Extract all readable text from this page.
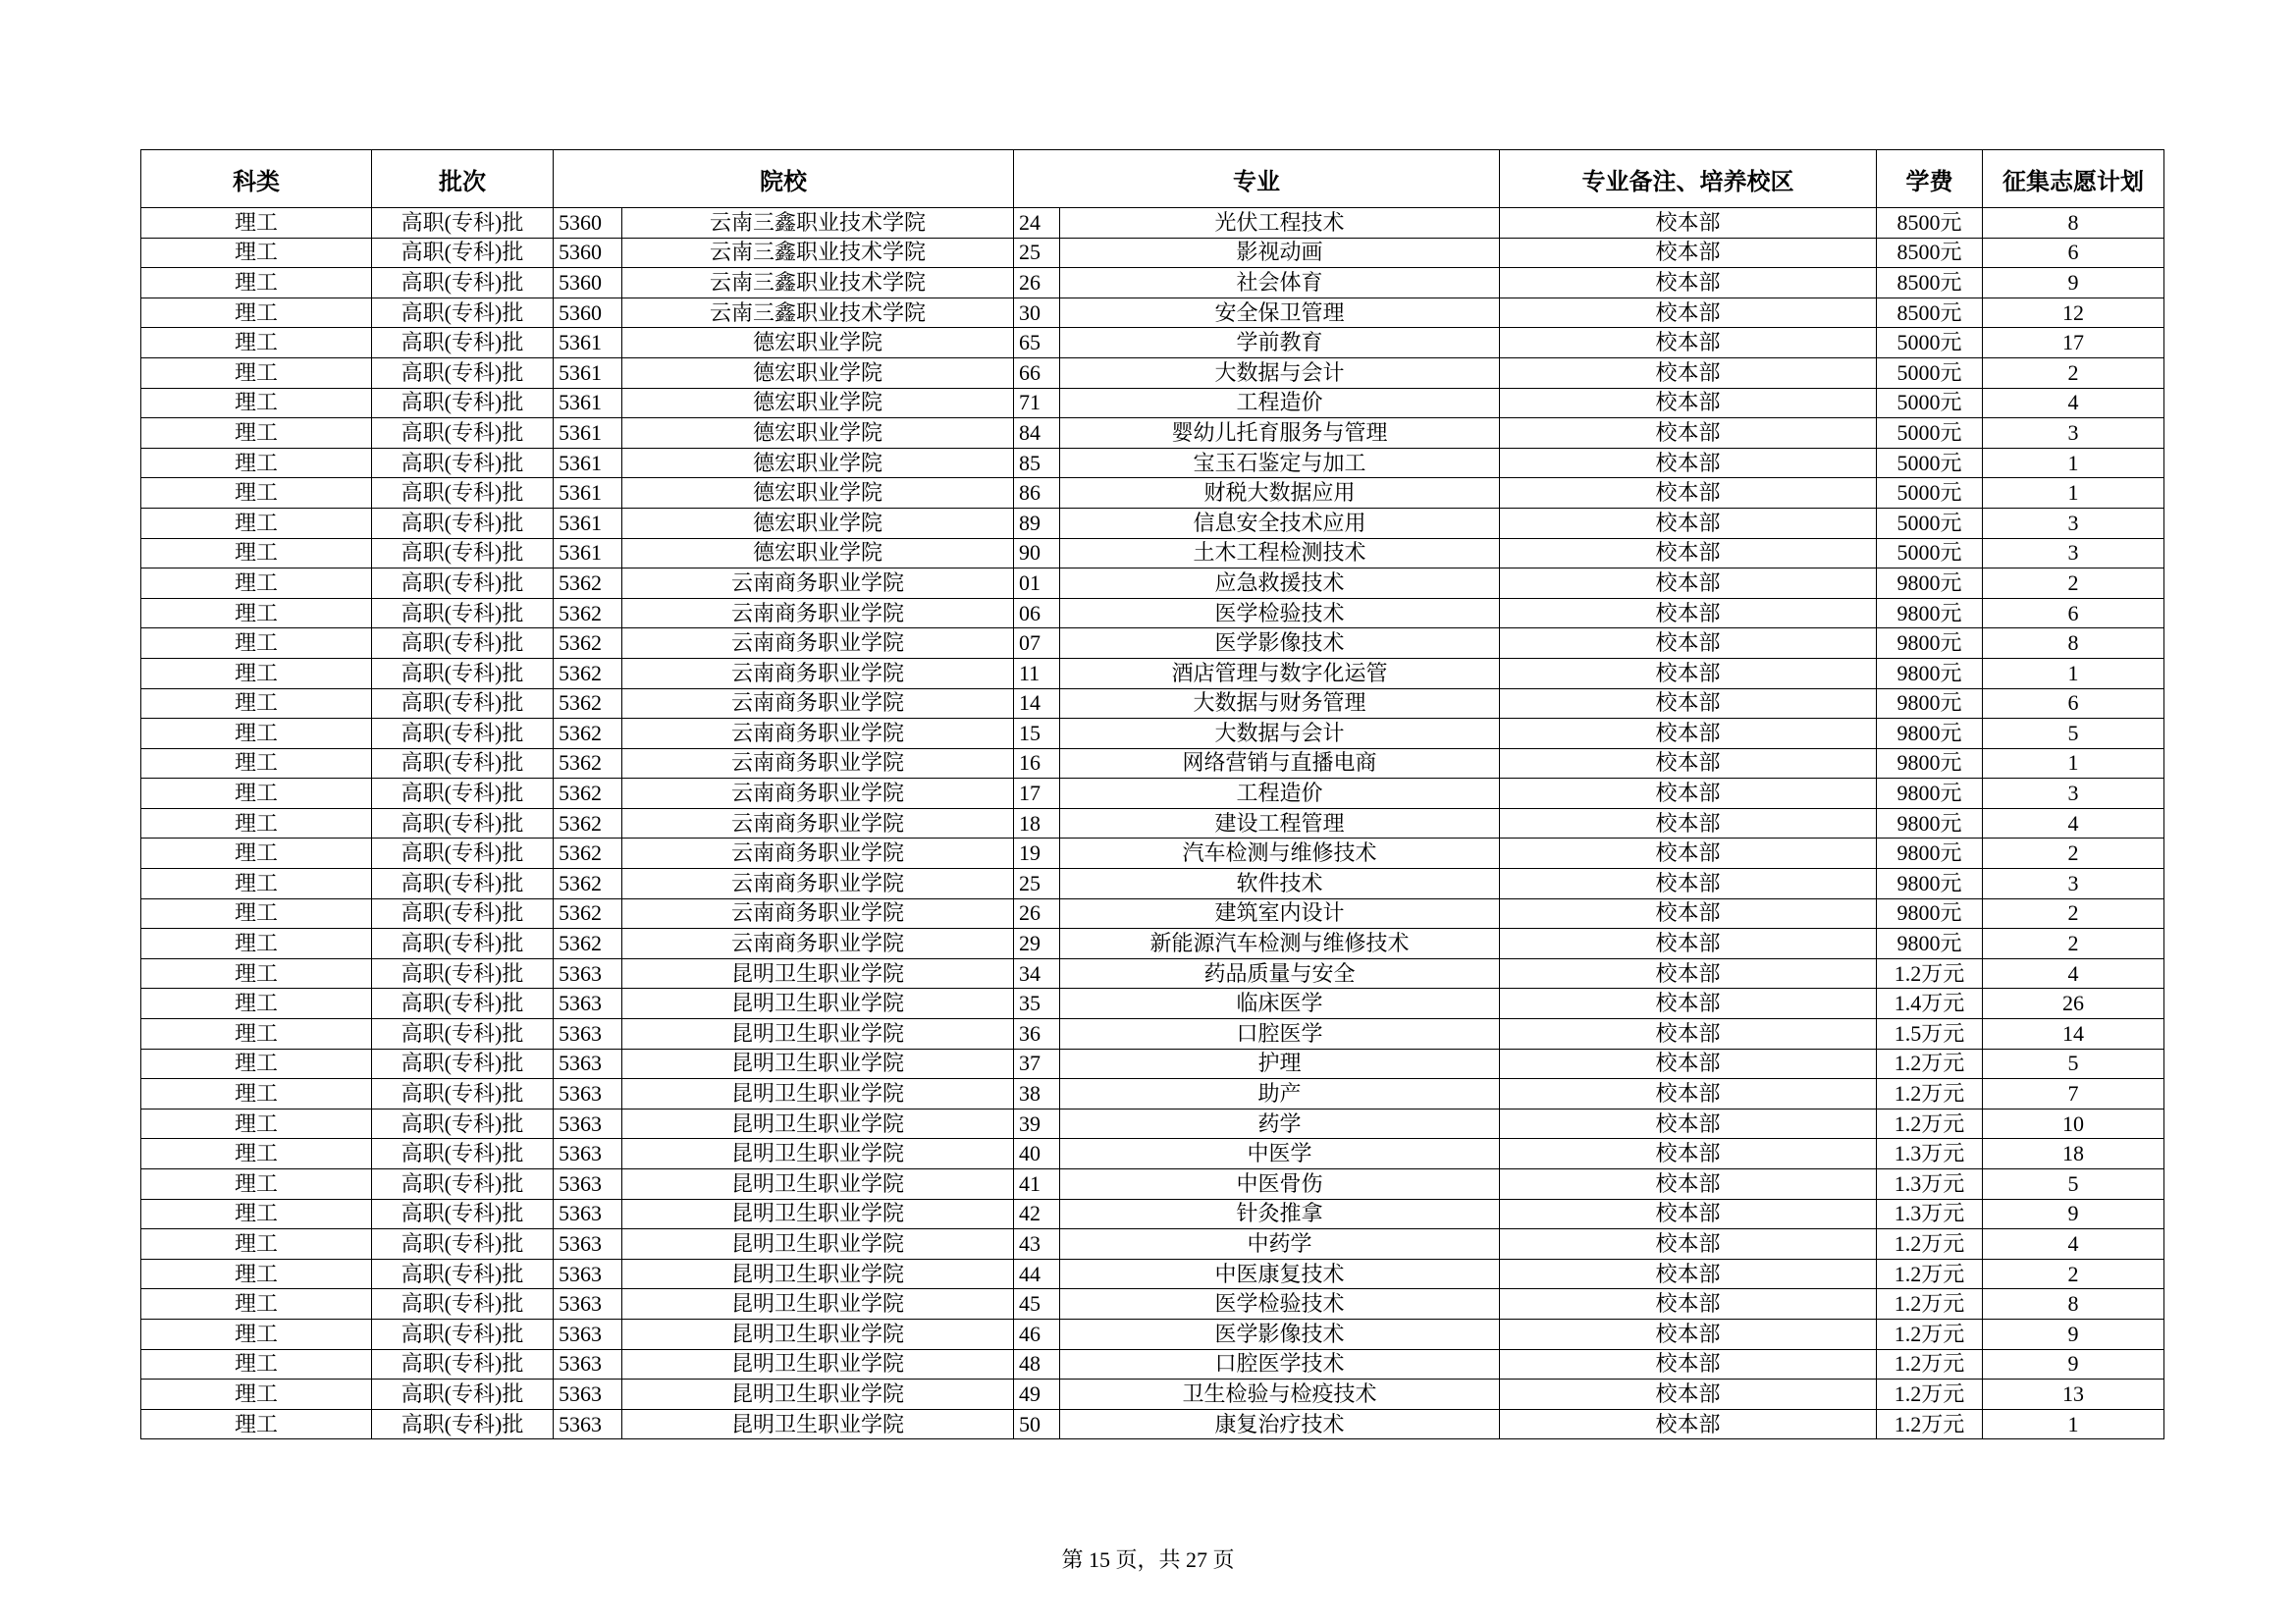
科类	批次	院校		专业		专业备注、培养校区	学费	征集志愿计划
理工	高职(专科)批	5360	云南三鑫职业技术学院	24	光伏工程技术	校本部	8500元	8
理工	高职(专科)批	5360	云南三鑫职业技术学院	25	影视动画	校本部	8500元	6
理工	高职(专科)批	5360	云南三鑫职业技术学院	26	社会体育	校本部	8500元	9
理工	高职(专科)批	5360	云南三鑫职业技术学院	30	安全保卫管理	校本部	8500元	12
理工	高职(专科)批	5361	德宏职业学院	65	学前教育	校本部	5000元	17
理工	高职(专科)批	5361	德宏职业学院	66	大数据与会计	校本部	5000元	2
理工	高职(专科)批	5361	德宏职业学院	71	工程造价	校本部	5000元	4
理工	高职(专科)批	5361	德宏职业学院	84	婴幼儿托育服务与管理	校本部	5000元	3
理工	高职(专科)批	5361	德宏职业学院	85	宝玉石鉴定与加工	校本部	5000元	1
理工	高职(专科)批	5361	德宏职业学院	86	财税大数据应用	校本部	5000元	1
理工	高职(专科)批	5361	德宏职业学院	89	信息安全技术应用	校本部	5000元	3
理工	高职(专科)批	5361	德宏职业学院	90	土木工程检测技术	校本部	5000元	3
理工	高职(专科)批	5362	云南商务职业学院	01	应急救援技术	校本部	9800元	2
理工	高职(专科)批	5362	云南商务职业学院	06	医学检验技术	校本部	9800元	6
理工	高职(专科)批	5362	云南商务职业学院	07	医学影像技术	校本部	9800元	8
理工	高职(专科)批	5362	云南商务职业学院	11	酒店管理与数字化运管	校本部	9800元	1
理工	高职(专科)批	5362	云南商务职业学院	14	大数据与财务管理	校本部	9800元	6
理工	高职(专科)批	5362	云南商务职业学院	15	大数据与会计	校本部	9800元	5
理工	高职(专科)批	5362	云南商务职业学院	16	网络营销与直播电商	校本部	9800元	1
理工	高职(专科)批	5362	云南商务职业学院	17	工程造价	校本部	9800元	3
理工	高职(专科)批	5362	云南商务职业学院	18	建设工程管理	校本部	9800元	4
理工	高职(专科)批	5362	云南商务职业学院	19	汽车检测与维修技术	校本部	9800元	2
理工	高职(专科)批	5362	云南商务职业学院	25	软件技术	校本部	9800元	3
理工	高职(专科)批	5362	云南商务职业学院	26	建筑室内设计	校本部	9800元	2
理工	高职(专科)批	5362	云南商务职业学院	29	新能源汽车检测与维修技术	校本部	9800元	2
理工	高职(专科)批	5363	昆明卫生职业学院	34	药品质量与安全	校本部	1.2万元	4
理工	高职(专科)批	5363	昆明卫生职业学院	35	临床医学	校本部	1.4万元	26
理工	高职(专科)批	5363	昆明卫生职业学院	36	口腔医学	校本部	1.5万元	14
理工	高职(专科)批	5363	昆明卫生职业学院	37	护理	校本部	1.2万元	5
理工	高职(专科)批	5363	昆明卫生职业学院	38	助产	校本部	1.2万元	7
理工	高职(专科)批	5363	昆明卫生职业学院	39	药学	校本部	1.2万元	10
理工	高职(专科)批	5363	昆明卫生职业学院	40	中医学	校本部	1.3万元	18
理工	高职(专科)批	5363	昆明卫生职业学院	41	中医骨伤	校本部	1.3万元	5
理工	高职(专科)批	5363	昆明卫生职业学院	42	针灸推拿	校本部	1.3万元	9
理工	高职(专科)批	5363	昆明卫生职业学院	43	中药学	校本部	1.2万元	4
理工	高职(专科)批	5363	昆明卫生职业学院	44	中医康复技术	校本部	1.2万元	2
理工	高职(专科)批	5363	昆明卫生职业学院	45	医学检验技术	校本部	1.2万元	8
理工	高职(专科)批	5363	昆明卫生职业学院	46	医学影像技术	校本部	1.2万元	9
理工	高职(专科)批	5363	昆明卫生职业学院	48	口腔医学技术	校本部	1.2万元	9
理工	高职(专科)批	5363	昆明卫生职业学院	49	卫生检验与检疫技术	校本部	1.2万元	13
理工	高职(专科)批	5363	昆明卫生职业学院	50	康复治疗技术	校本部	1.2万元	1
第 15 页，共 27 页
